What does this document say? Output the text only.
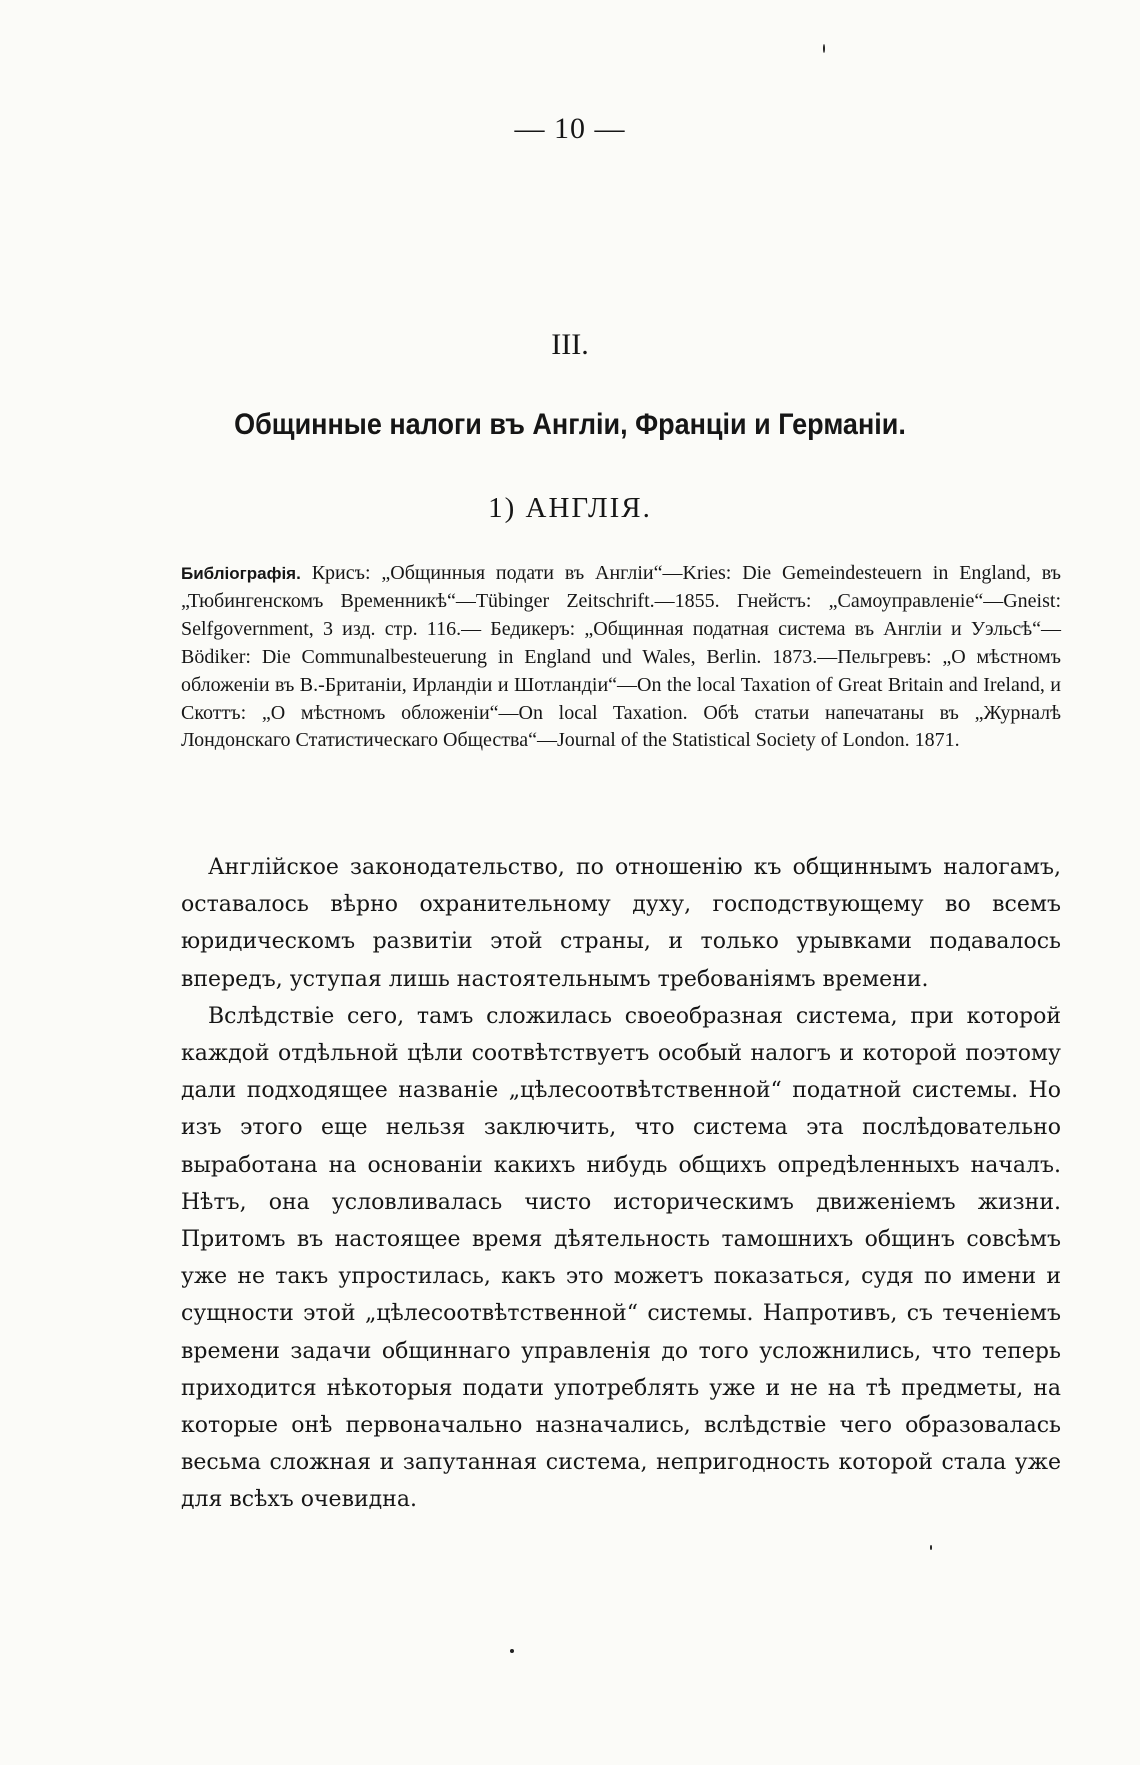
— 10 —
III.
Общинные налоги въ Англіи, Франціи и Германіи.
1) АНГЛІЯ.
Библіографія. Крисъ: „Общинныя подати въ Англіи“—Kries: Die Gemeindesteuern in England, въ „Тюбингенскомъ Временникѣ“—Tübinger Zeitschrift.—1855. Гнейстъ: „Самоуправленіе“—Gneist: Selfgovernment, 3 изд. стр. 116.— Бедикеръ: „Общинная податная система въ Англіи и Уэльсѣ“—Bödiker: Die Communalbesteuerung in England und Wales, Berlin. 1873.—Пельгревъ: „О мѣстномъ обложеніи въ В.-Британіи, Ирландіи и Шотландіи“—On the local Taxation of Great Britain and Ireland, и Скоттъ: „О мѣстномъ обложеніи“—On local Taxation. Обѣ статьи напечатаны въ „Журналѣ Лондонскаго Статистическаго Общества“—Journal of the Statistical Society of London. 1871.

Англійское законодательство, по отношенію къ общиннымъ налогамъ, оставалось вѣрно охранительному духу, господствующему во всемъ юридическомъ развитіи этой страны, и только урывками подавалось впередъ, уступая лишь настоятельнымъ требованіямъ времени.

Вслѣдствіе сего, тамъ сложилась своеобразная система, при которой каждой отдѣльной цѣли соотвѣтствуетъ особый налогъ и которой поэтому дали подходящее названіе „цѣлесоотвѣтственной“ податной системы. Но изъ этого еще нельзя заключить, что система эта послѣдовательно выработана на основаніи какихъ нибудь общихъ опредѣленныхъ началъ. Нѣтъ, она условливалась чисто историческимъ движеніемъ жизни. Притомъ въ настоящее время дѣятельность тамошнихъ общинъ совсѣмъ уже не такъ упростилась, какъ это можетъ показаться, судя по имени и сущности этой „цѣлесоотвѣтственной“ системы. Напротивъ, съ теченіемъ времени задачи общиннаго управленія до того усложнились, что теперь приходится нѣкоторыя подати употреблять уже и не на тѣ предметы, на которые онѣ первоначально назначались, вслѣдствіе чего образовалась весьма сложная и запутанная система, непригодность которой стала уже для всѣхъ очевидна.
